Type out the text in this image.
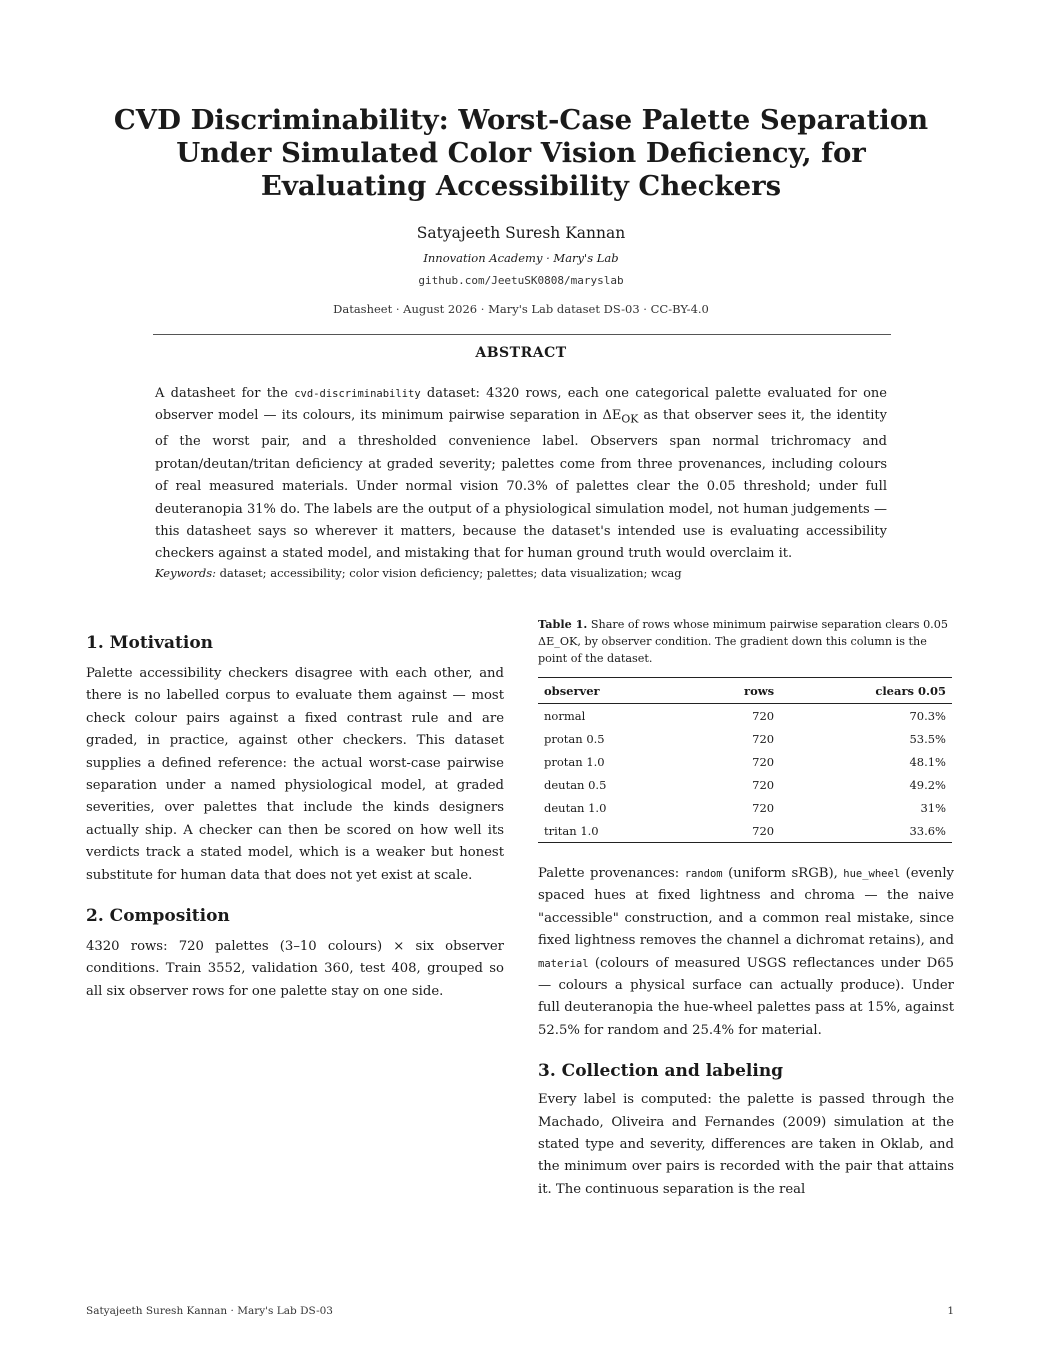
CVD Discriminability: Worst-Case Palette Separation Under Simulated Color Vision Deficiency, for Evaluating Accessibility Checkers
Satyajeeth Suresh Kannan
Innovation Academy · Mary's Lab
github.com/JeetuSK0808/maryslab
Datasheet · August 2026 · Mary's Lab dataset DS-03 · CC-BY-4.0
ABSTRACT

A datasheet for the cvd-discriminability dataset: 4320 rows, each one categorical palette evaluated for one observer model — its colours, its minimum pairwise separation in $\Delta E_{OK}$ as that observer sees it, the identity of the worst pair, and a thresholded convenience label. Observers span normal trichromacy and protan/deutan/tritan deficiency at graded severity; palettes come from three provenances, including colours of real measured materials. Under normal vision 70.3% of palettes clear the 0.05 threshold; under full deuteranopia 31% do. The labels are the output of a physiological simulation model, not human judgements — this datasheet says so wherever it matters, because the dataset's intended use is evaluating accessibility checkers against a stated model, and mistaking that for human ground truth would overclaim it.

Keywords: dataset; accessibility; color vision deficiency; palettes; data visualization; wcag
1. Motivation

Palette accessibility checkers disagree with each other, and there is no labelled corpus to evaluate them against — most check colour pairs against a fixed contrast rule and are graded, in practice, against other checkers. This dataset supplies a defined reference: the actual worst-case pairwise separation under a named physiological model, at graded severities, over palettes that include the kinds designers actually ship. A checker can then be scored on how well its verdicts track a stated model, which is a weaker but honest substitute for human data that does not yet exist at scale.

2. Composition

4320 rows: 720 palettes (3–10 colours) × six observer conditions. Train 3552, validation 360, test 408, grouped so all six observer rows for one palette stay on one side.

Table 1. Share of rows whose minimum pairwise separation clears 0.05 ΔE_OK, by observer condition. The gradient down this column is the point of the dataset.

observer	rows	clears 0.05
normal	720	70.3%
protan 0.5	720	53.5%
protan 1.0	720	48.1%
deutan 0.5	720	49.2%
deutan 1.0	720	31%
tritan 1.0	720	33.6%

Palette provenances: random (uniform sRGB), hue_wheel (evenly spaced hues at fixed lightness and chroma — the naive "accessible" construction, and a common real mistake, since fixed lightness removes the channel a dichromat retains), and material (colours of measured USGS reflectances under D65 — colours a physical surface can actually produce). Under full deuteranopia the hue-wheel palettes pass at 15%, against 52.5% for random and 25.4% for material.

3. Collection and labeling

Every label is computed: the palette is passed through the Machado, Oliveira and Fernandes (2009) simulation at the stated type and severity, differences are taken in Oklab, and the minimum over pairs is recorded with the pair that attains it. The continuous separation is the real

Satyajeeth Suresh Kannan · Mary's Lab DS-03	1
